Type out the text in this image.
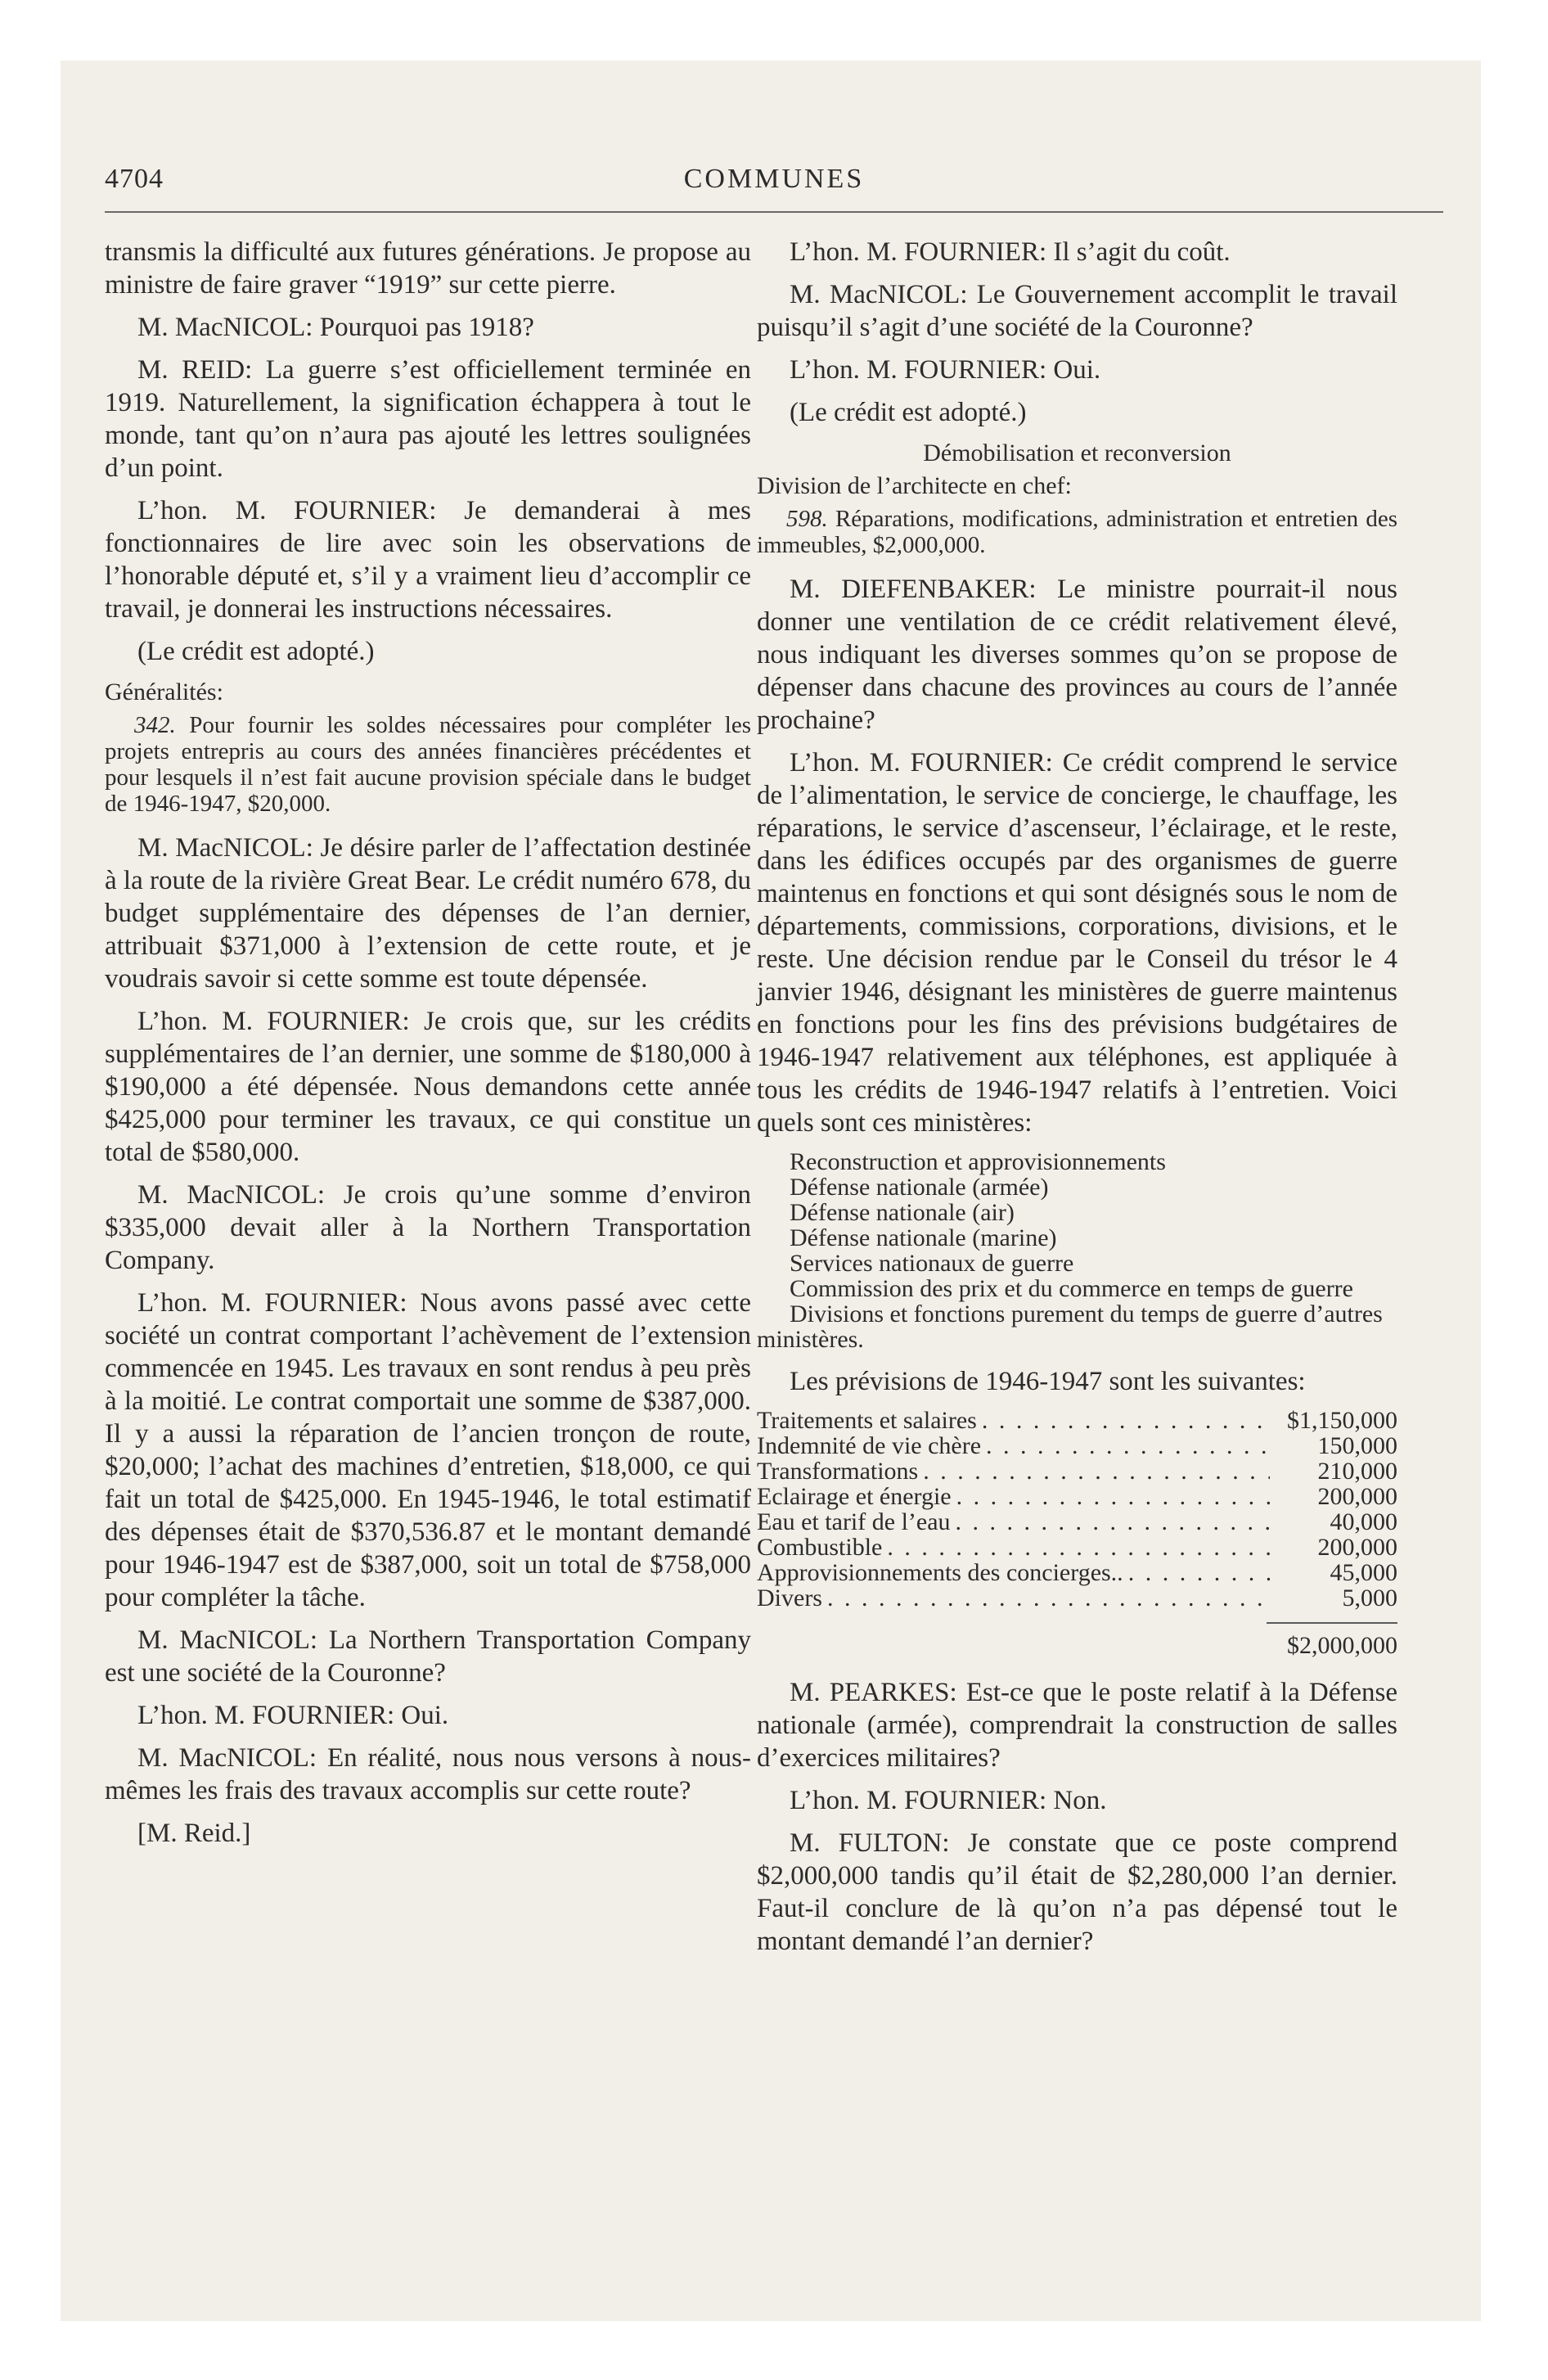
4704	COMMUNES

transmis la difficulté aux futures générations. Je propose au ministre de faire graver “1919” sur cette pierre.

M. MacNICOL: Pourquoi pas 1918?

M. REID: La guerre s’est officiellement terminée en 1919. Naturellement, la signification échappera à tout le monde, tant qu’on n’aura pas ajouté les lettres soulignées d’un point.

L’hon. M. FOURNIER: Je demanderai à mes fonctionnaires de lire avec soin les observations de l’honorable député et, s’il y a vraiment lieu d’accomplir ce travail, je donnerai les instructions nécessaires.

(Le crédit est adopté.)

Généralités:

342. Pour fournir les soldes nécessaires pour compléter les projets entrepris au cours des années financières précédentes et pour lesquels il n’est fait aucune provision spéciale dans le budget de 1946-1947, $20,000.

M. MacNICOL: Je désire parler de l’affectation destinée à la route de la rivière Great Bear. Le crédit numéro 678, du budget supplémentaire des dépenses de l’an dernier, attribuait $371,000 à l’extension de cette route, et je voudrais savoir si cette somme est toute dépensée.

L’hon. M. FOURNIER: Je crois que, sur les crédits supplémentaires de l’an dernier, une somme de $180,000 à $190,000 a été dépensée. Nous demandons cette année $425,000 pour terminer les travaux, ce qui constitue un total de $580,000.

M. MacNICOL: Je crois qu’une somme d’environ $335,000 devait aller à la Northern Transportation Company.

L’hon. M. FOURNIER: Nous avons passé avec cette société un contrat comportant l’achèvement de l’extension commencée en 1945. Les travaux en sont rendus à peu près à la moitié. Le contrat comportait une somme de $387,000. Il y a aussi la réparation de l’ancien tronçon de route, $20,000; l’achat des machines d’entretien, $18,000, ce qui fait un total de $425,000. En 1945-1946, le total estimatif des dépenses était de $370,536.87 et le montant demandé pour 1946-1947 est de $387,000, soit un total de $758,000 pour compléter la tâche.

M. MacNICOL: La Northern Transportation Company est une société de la Couronne?

L’hon. M. FOURNIER: Oui.

M. MacNICOL: En réalité, nous nous versons à nous-mêmes les frais des travaux accomplis sur cette route?

[M. Reid.]

L’hon. M. FOURNIER: Il s’agit du coût.

M. MacNICOL: Le Gouvernement accomplit le travail puisqu’il s’agit d’une société de la Couronne?

L’hon. M. FOURNIER: Oui.

(Le crédit est adopté.)

Démobilisation et reconversion

Division de l’architecte en chef:

598. Réparations, modifications, administration et entretien des immeubles, $2,000,000.

M. DIEFENBAKER: Le ministre pourrait-il nous donner une ventilation de ce crédit relativement élevé, nous indiquant les diverses sommes qu’on se propose de dépenser dans chacune des provinces au cours de l’année prochaine?

L’hon. M. FOURNIER: Ce crédit comprend le service de l’alimentation, le service de concierge, le chauffage, les réparations, le service d’ascenseur, l’éclairage, et le reste, dans les édifices occupés par des organismes de guerre maintenus en fonctions et qui sont désignés sous le nom de départements, commissions, corporations, divisions, et le reste. Une décision rendue par le Conseil du trésor le 4 janvier 1946, désignant les ministères de guerre maintenus en fonctions pour les fins des prévisions budgétaires de 1946-1947 relativement aux téléphones, est appliquée à tous les crédits de 1946-1947 relatifs à l’entretien. Voici quels sont ces ministères:

Reconstruction et approvisionnements
Défense nationale (armée)
Défense nationale (air)
Défense nationale (marine)
Services nationaux de guerre
Commission des prix et du commerce en temps de guerre
Divisions et fonctions purement du temps de guerre d’autres ministères.

Les prévisions de 1946-1947 sont les suivantes:

Traitements et salaires . . .	$1,150,000
Indemnité de vie chère . . .	150,000
Transformations . . .	210,000
Eclairage et énergie . . .	200,000
Eau et tarif de l’eau . . .	40,000
Combustible . . .	200,000
Approvisionnements des concierges.. . . .	45,000
Divers . . .	5,000
$2,000,000

M. PEARKES: Est-ce que le poste relatif à la Défense nationale (armée), comprendrait la construction de salles d’exercices militaires?

L’hon. M. FOURNIER: Non.

M. FULTON: Je constate que ce poste comprend $2,000,000 tandis qu’il était de $2,280,000 l’an dernier. Faut-il conclure de là qu’on n’a pas dépensé tout le montant demandé l’an dernier?
